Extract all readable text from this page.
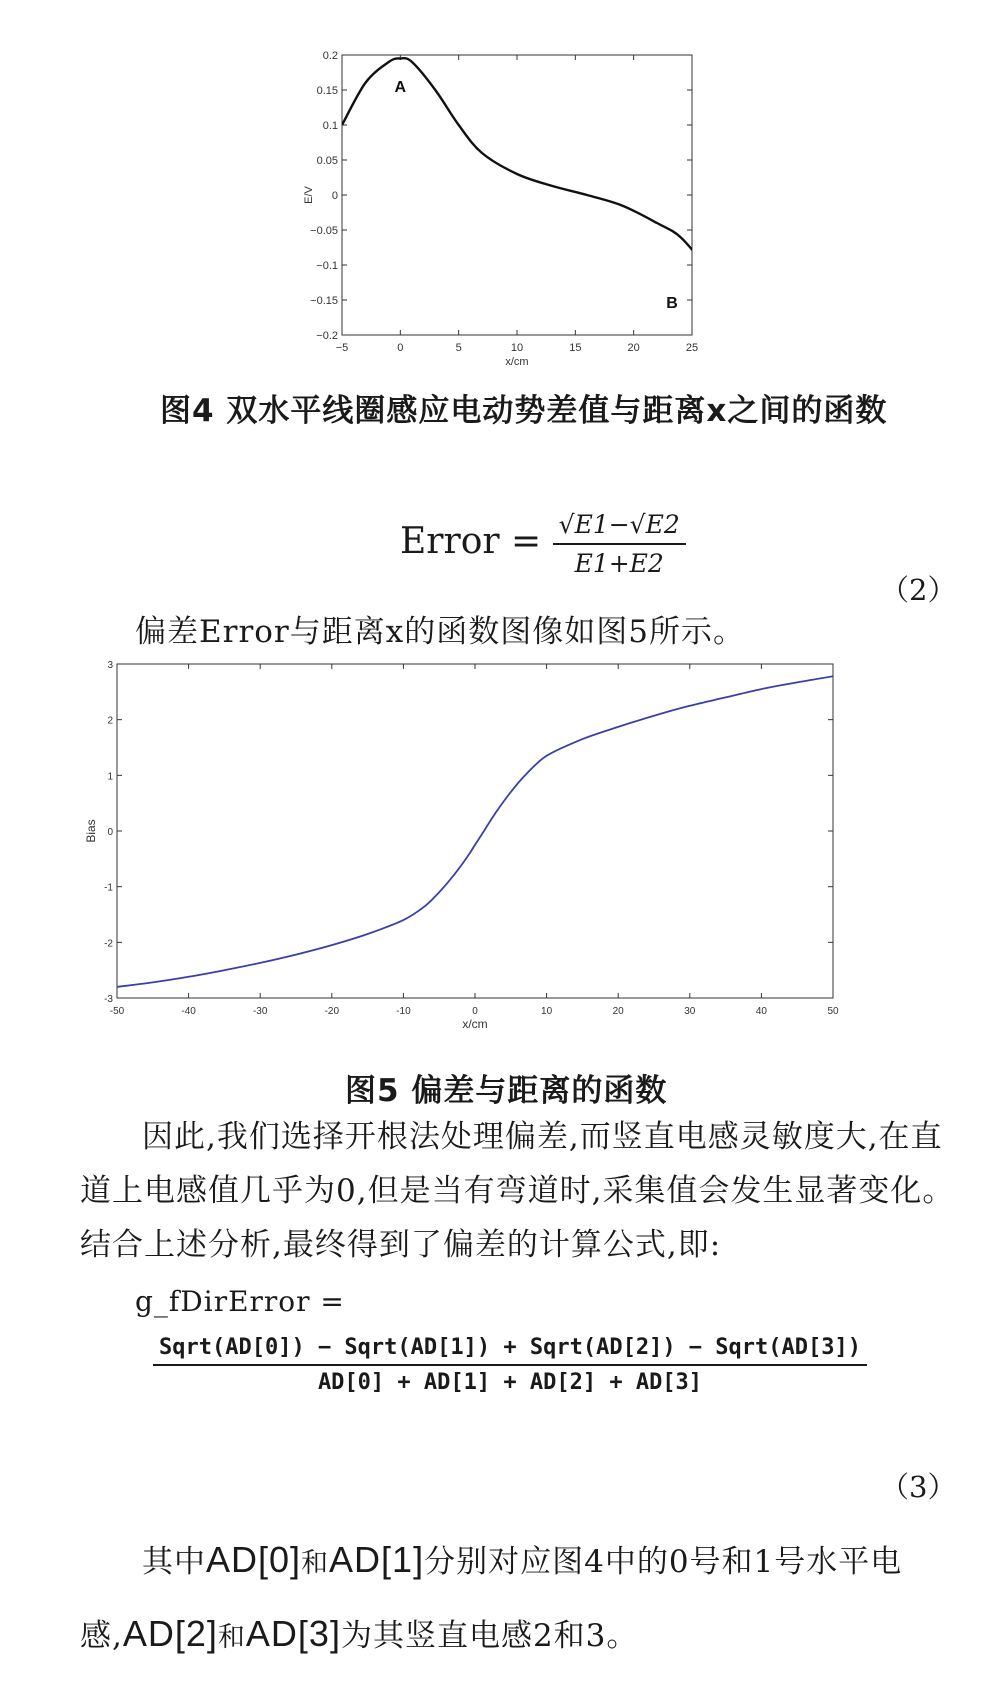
−5	0	5	10	15	20	25
0.2
0.15
0.1
0.05
0
−0.05
−0.1
−0.15
−0.2
x/cm
E/V
A
B
图4 双水平线圈感应电动势差值与距离x之间的函数
Error = $\frac{√E1-√E2}{E1+E2}$
（2）
偏差Error与距离x的函数图像如图5所示。
-50	-40	-30	-20	-10	0	10	20	30	40	50
3
2
1
0
-1
-2
-3
x/cm
Bias
图5 偏差与距离的函数
因此,我们选择开根法处理偏差,而竖直电感灵敏度大,在直道上电感值几乎为0,但是当有弯道时,采集值会发生显著变化。结合上述分析,最终得到了偏差的计算公式,即:
g_fDirError =
$\frac{\text{Sqrt(AD[0]) − Sqrt(AD[1]) + Sqrt(AD[2]) − Sqrt(AD[3])}}{AD[0] + AD[1] + AD[2] + AD[3]}$
（3）
其中AD[0]和AD[1]分别对应图4中的0号和1号水平电感,AD[2]和AD[3]为其竖直电感2和3。
